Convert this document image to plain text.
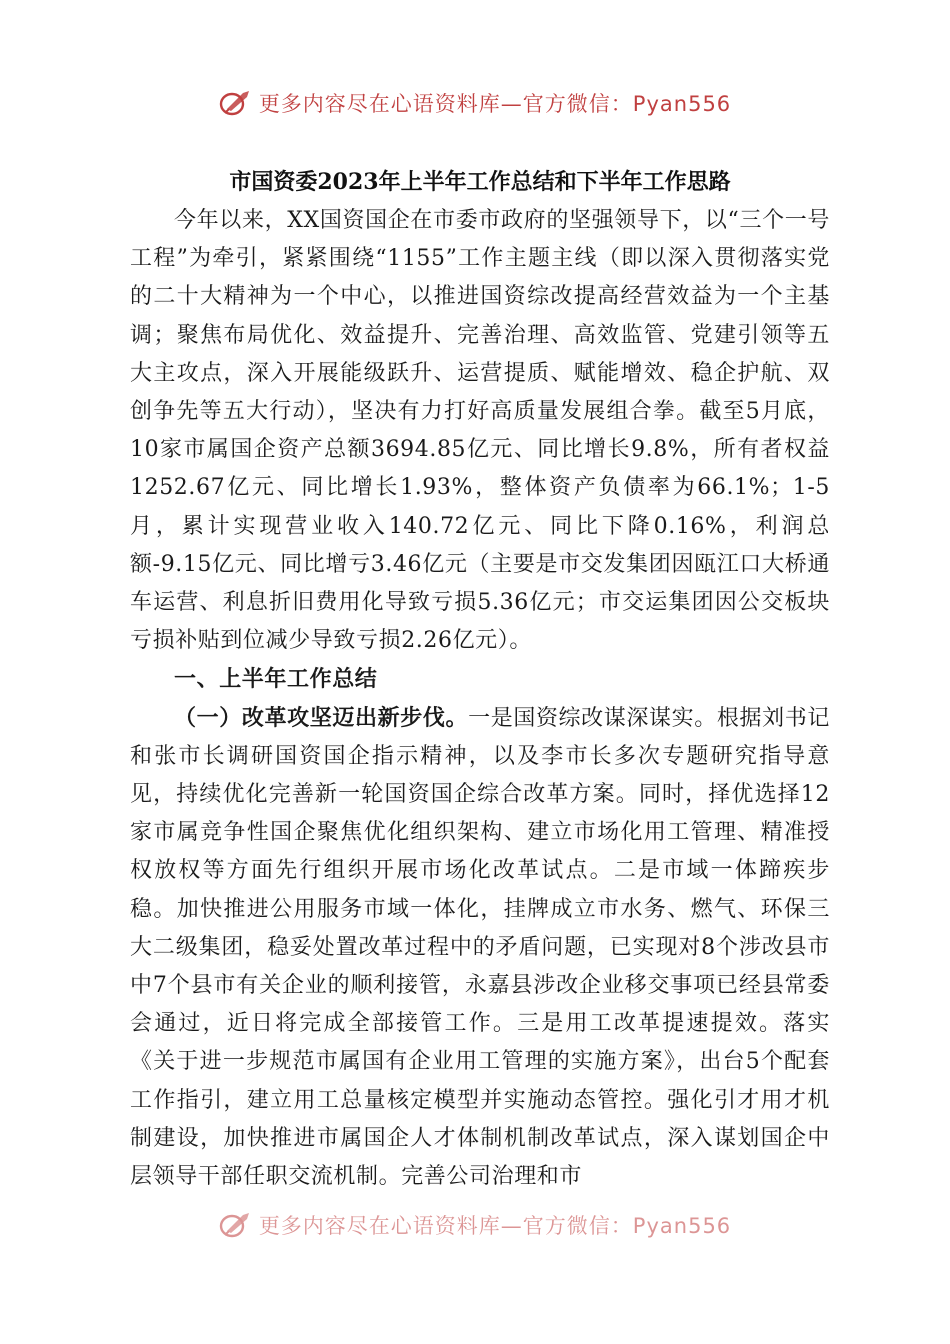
更多内容尽在心语资料库—官方微信：Pyan556
市国资委2023年上半年工作总结和下半年工作思路

今年以来，XX国资国企在市委市政府的坚强领导下，以“三个一号工程”为牵引，紧紧围绕“1155”工作主题主线（即以深入贯彻落实党的二十大精神为一个中心，以推进国资综改提高经营效益为一个主基调；聚焦布局优化、效益提升、完善治理、高效监管、党建引领等五大主攻点，深入开展能级跃升、运营提质、赋能增效、稳企护航、双创争先等五大行动），坚决有力打好高质量发展组合拳。截至5月底，10家市属国企资产总额3694.85亿元、同比增长9.8%，所有者权益1252.67亿元、同比增长1.93%，整体资产负债率为66.1%；1-5月，累计实现营业收入140.72亿元、同比下降0.16%，利润总额-9.15亿元、同比增亏3.46亿元（主要是市交发集团因瓯江口大桥通车运营、利息折旧费用化导致亏损5.36亿元；市交运集团因公交板块亏损补贴到位减少导致亏损2.26亿元）。

一、上半年工作总结

（一）改革攻坚迈出新步伐。一是国资综改谋深谋实。根据刘书记和张市长调研国资国企指示精神，以及李市长多次专题研究指导意见，持续优化完善新一轮国资国企综合改革方案。同时，择优选择12家市属竞争性国企聚焦优化组织架构、建立市场化用工管理、精准授权放权等方面先行组织开展市场化改革试点。二是市域一体蹄疾步稳。加快推进公用服务市域一体化，挂牌成立市水务、燃气、环保三大二级集团，稳妥处置改革过程中的矛盾问题，已实现对8个涉改县市中7个县市有关企业的顺利接管，永嘉县涉改企业移交事项已经县常委会通过，近日将完成全部接管工作。三是用工改革提速提效。落实《关于进一步规范市属国有企业用工管理的实施方案》，出台5个配套工作指引，建立用工总量核定模型并实施动态管控。强化引才用才机制建设，加快推进市属国企人才体制机制改革试点，深入谋划国企中层领导干部任职交流机制。完善公司治理和市

更多内容尽在心语资料库—官方微信：Pyan556
